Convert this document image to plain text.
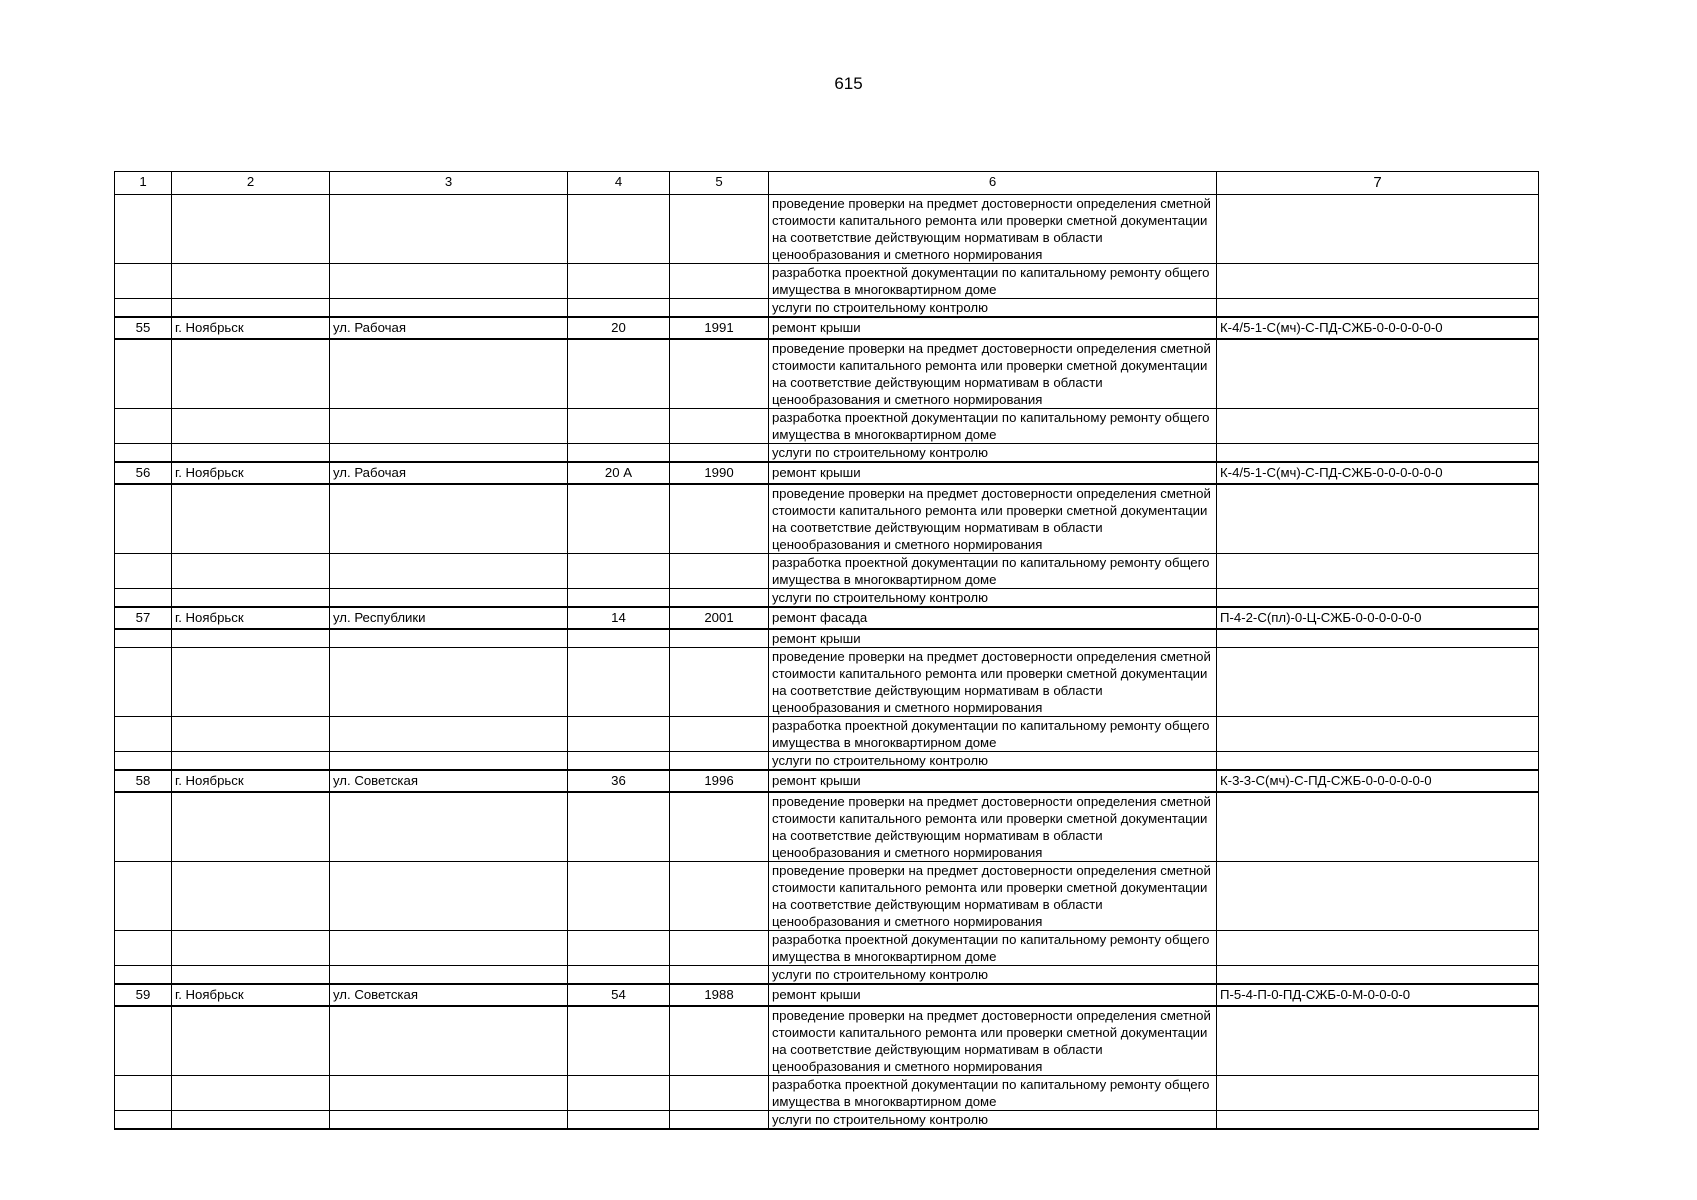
615
1	2	3	4	5	6	7
					проведение проверки на предмет достоверности определения сметной стоимости капитального ремонта или проверки сметной документации на соответствие действующим нормативам в области ценообразования и сметного нормирования	
					разработка проектной документации по капитальному ремонту общего имущества в многоквартирном доме	
					услуги по строительному контролю	
55	г. Ноябрьск	ул. Рабочая	20	1991	ремонт крыши	К-4/5-1-С(мч)-С-ПД-СЖБ-0-0-0-0-0-0
					проведение проверки на предмет достоверности определения сметной стоимости капитального ремонта или проверки сметной документации на соответствие действующим нормативам в области ценообразования и сметного нормирования	
					разработка проектной документации по капитальному ремонту общего имущества в многоквартирном доме	
					услуги по строительному контролю	
56	г. Ноябрьск	ул. Рабочая	20 А	1990	ремонт крыши	К-4/5-1-С(мч)-С-ПД-СЖБ-0-0-0-0-0-0
					проведение проверки на предмет достоверности определения сметной стоимости капитального ремонта или проверки сметной документации на соответствие действующим нормативам в области ценообразования и сметного нормирования	
					разработка проектной документации по капитальному ремонту общего имущества в многоквартирном доме	
					услуги по строительному контролю	
57	г. Ноябрьск	ул. Республики	14	2001	ремонт фасада	П-4-2-С(пл)-0-Ц-СЖБ-0-0-0-0-0-0
					ремонт крыши	
					проведение проверки на предмет достоверности определения сметной стоимости капитального ремонта или проверки сметной документации на соответствие действующим нормативам в области ценообразования и сметного нормирования	
					разработка проектной документации по капитальному ремонту общего имущества в многоквартирном доме	
					услуги по строительному контролю	
58	г. Ноябрьск	ул. Советская	36	1996	ремонт крыши	К-3-3-С(мч)-С-ПД-СЖБ-0-0-0-0-0-0
					проведение проверки на предмет достоверности определения сметной стоимости капитального ремонта или проверки сметной документации на соответствие действующим нормативам в области ценообразования и сметного нормирования	
					проведение проверки на предмет достоверности определения сметной стоимости капитального ремонта или проверки сметной документации на соответствие действующим нормативам в области ценообразования и сметного нормирования	
					разработка проектной документации по капитальному ремонту общего имущества в многоквартирном доме	
					услуги по строительному контролю	
59	г. Ноябрьск	ул. Советская	54	1988	ремонт крыши	П-5-4-П-0-ПД-СЖБ-0-М-0-0-0-0
					проведение проверки на предмет достоверности определения сметной стоимости капитального ремонта или проверки сметной документации на соответствие действующим нормативам в области ценообразования и сметного нормирования	
					разработка проектной документации по капитальному ремонту общего имущества в многоквартирном доме	
					услуги по строительному контролю	
